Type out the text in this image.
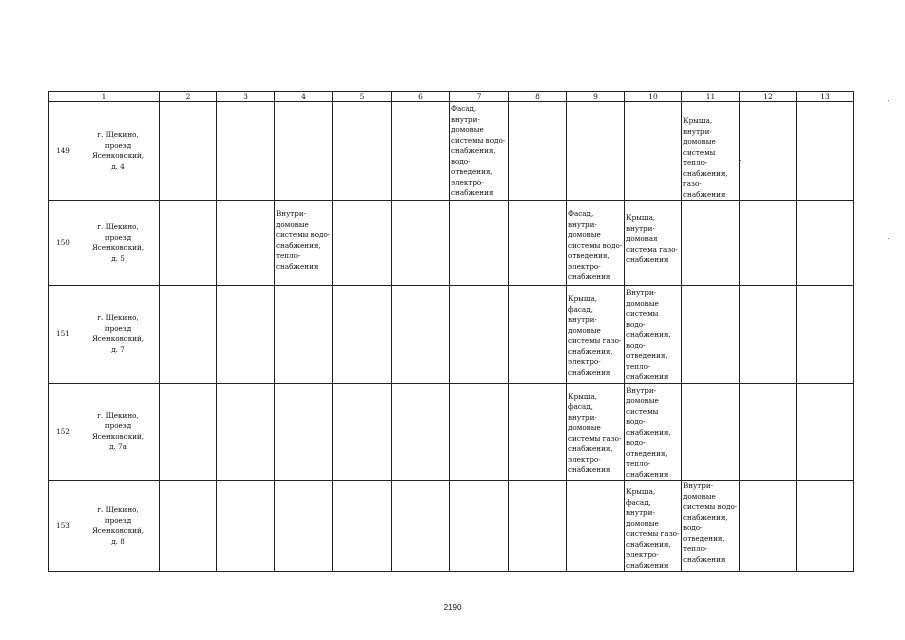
1	2	3	4	5	6	7	8	9	10	11	12	13

149
г. Щекино,
проезд
Ясенковский,
д. 4						Фасад, внутри-домовые системы водо-снабжения, водо-отведения, электро-снабжения				Крыша, внутри-домовые системы тепло-снабжения, газо-снабжения		

150
г. Щекино,
проезд
Ясенковский,
д. 5			Внутри-домовые системы водо-снабжения, тепло-снабжения					Фасад, внутри-домовые системы водо-отведения, электро-снабжения	Крыша, внутри-домовая система газо-снабжения			

151
г. Щекино,
проезд
Ясенковский,
д. 7								Крыша, фасад, внутри-домовые системы газо-снабжения, электро-снабжения	Внутри-домовые системы водо-снабжения, водо-отведения, тепло-снабжения			

152
г. Щекино,
проезд
Ясенковский,
д. 7а								Крыша, фасад, внутри-домовые системы газо-снабжения, электро-снабжения	Внутри-домовые системы водо-снабжения, водо-отведения, тепло-снабжения			

153
г. Щекино,
проезд
Ясенковский,
д. 8									Крыша, фасад, внутри-домовые системы газо-снабжения, электро-снабжения	Внутри-домовые системы водо-снабжения, водо-отведения, тепло-снабжения		

2190
